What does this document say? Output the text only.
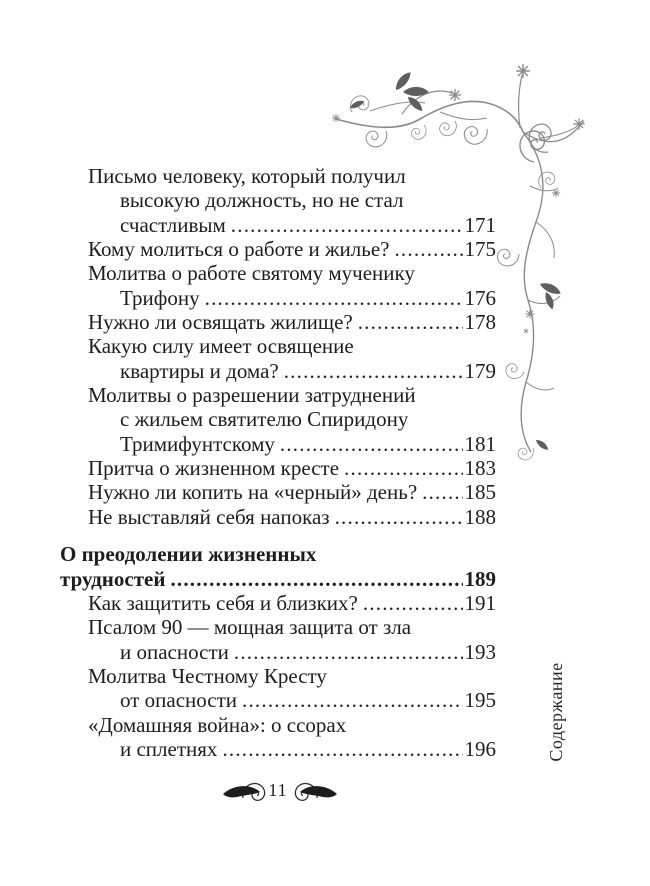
Письмо человеку, который получил
высокую должность, но не стал
счастливым .....	171
Кому молиться о работе и жилье? .....	175
Молитва о работе святому мученику
Трифону .....	176
Нужно ли освящать жилище? .....	178
Какую силу имеет освящение
квартиры и дома? .....	179
Молитвы о разрешении затруднений
с жильем святителю Спиридону
Тримифунтскому .....	181
Притча о жизненном кресте .....	183
Нужно ли копить на «черный» день? ..... 185
Не выставляй себя напоказ .....	188
О преодолении жизненных
трудностей .....	189
Как защитить себя и близких? .....	191
Псалом 90 — мощная защита от зла
и опасности .....	193
Молитва Честному Кресту
от опасности .....	195
«Домашняя война»: о ссорах
и сплетнях .....	196	Содержание
11
